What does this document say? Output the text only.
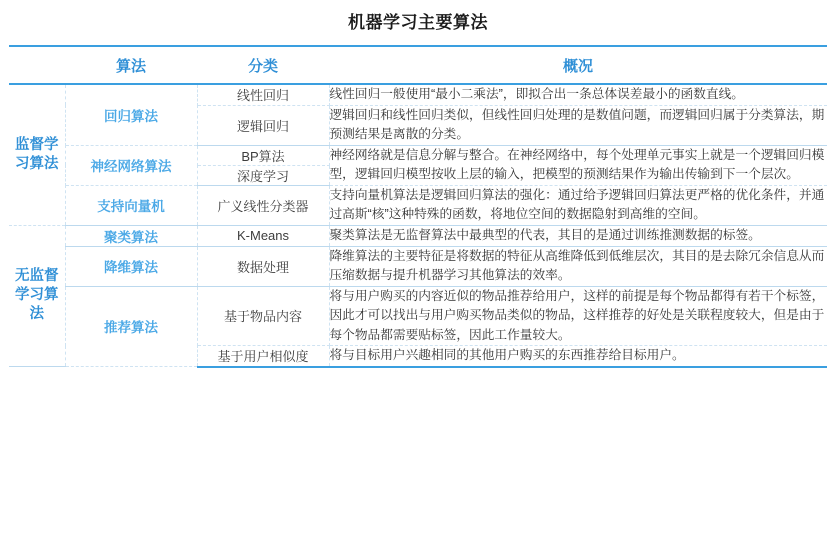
机器学习主要算法
	算法	分类	概况
监督学习算法	回归算法	线性回归	线性回归一般使用“最小二乘法”，即拟合出一条总体误差最小的函数直线。
		逻辑回归	逻辑回归和线性回归类似，但线性回归处理的是数值问题，而逻辑回归属于分类算法，期预测结果是离散的分类。
	神经网络算法	BP算法	神经网络就是信息分解与整合。在神经网络中，每个处理单元事实上就是一个逻辑回归模型，逻辑回归模型按收上层的输入，把模型的预测结果作为输出传输到下一个层次。
		深度学习	
	支持向量机	广义线性分类器	支持向量机算法是逻辑回归算法的强化：通过给予逻辑回归算法更严格的优化条件，并通过高斯“核”这种特殊的函数，将地位空间的数据隐射到高维的空间。
无监督学习算法	聚类算法	K-Means	聚类算法是无监督算法中最典型的代表，其目的是通过训练推测数据的标签。
	降维算法	数据处理	降维算法的主要特征是将数据的特征从高维降低到低维层次，其目的是去除冗余信息从而压缩数据与提升机器学习其他算法的效率。
	推荐算法	基于物品内容	将与用户购买的内容近似的物品推荐给用户，这样的前提是每个物品都得有若干个标签，因此才可以找出与用户购买物品类似的物品，这样推荐的好处是关联程度较大，但是由于每个物品都需要贴标签，因此工作量较大。
		基于用户相似度	将与目标用户兴趣相同的其他用户购买的东西推荐给目标用户。
